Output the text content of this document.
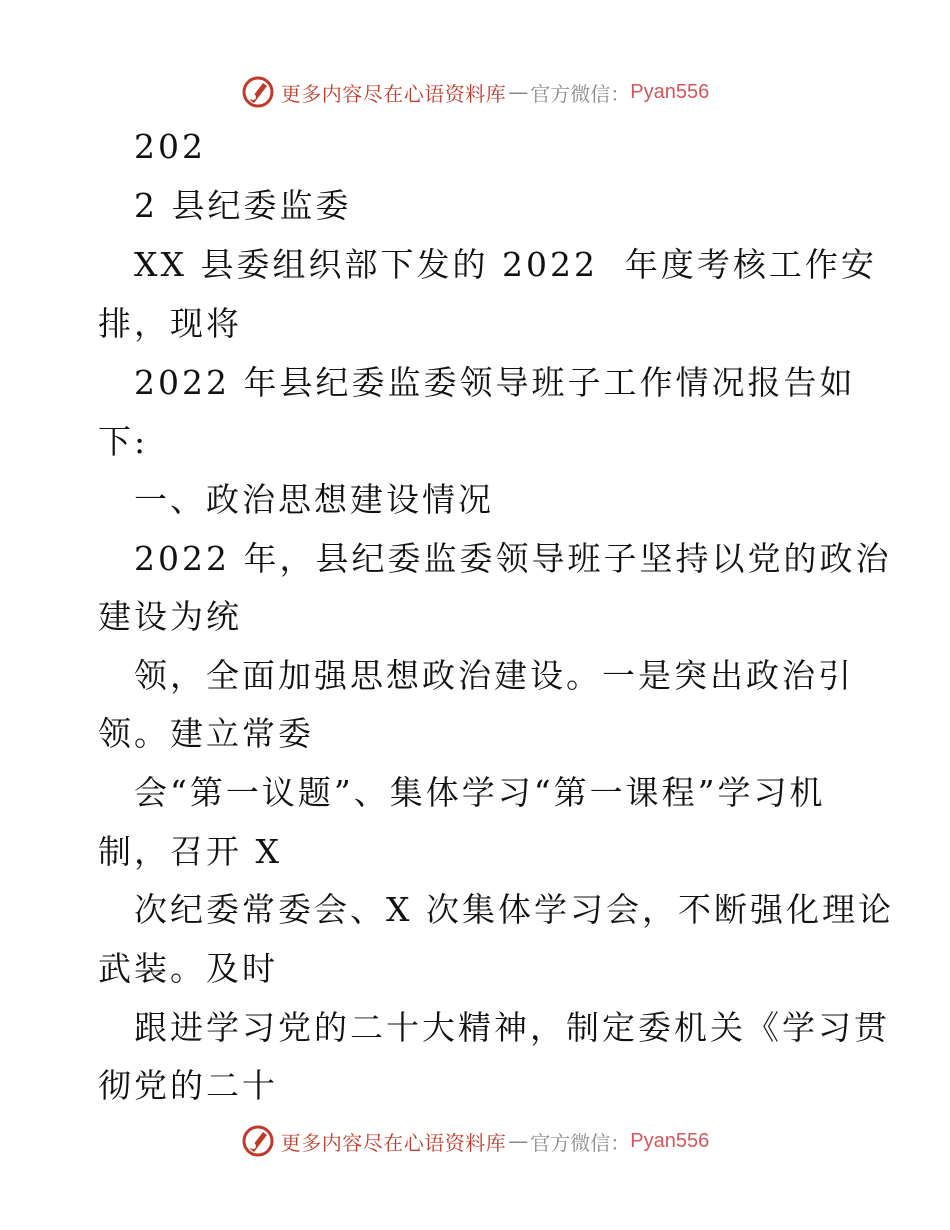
更多内容尽在心语资料库 — 官方微信： Pyan556
202
2 县纪委监委
XX 县委组织部下发的 2022  年度考核工作安
排，现将
2022 年县纪委监委领导班子工作情况报告如
下:
一、政治思想建设情况
2022 年，县纪委监委领导班子坚持以党的政治
建设为统
领，全面加强思想政治建设。一是突出政治引
领。建立常委
会“第一议题”、集体学习“第一课程”学习机
制，召开 X
次纪委常委会、X 次集体学习会，不断强化理论
武装。及时
跟进学习党的二十大精神，制定委机关《学习贯
彻党的二十
更多内容尽在心语资料库 — 官方微信： Pyan556
